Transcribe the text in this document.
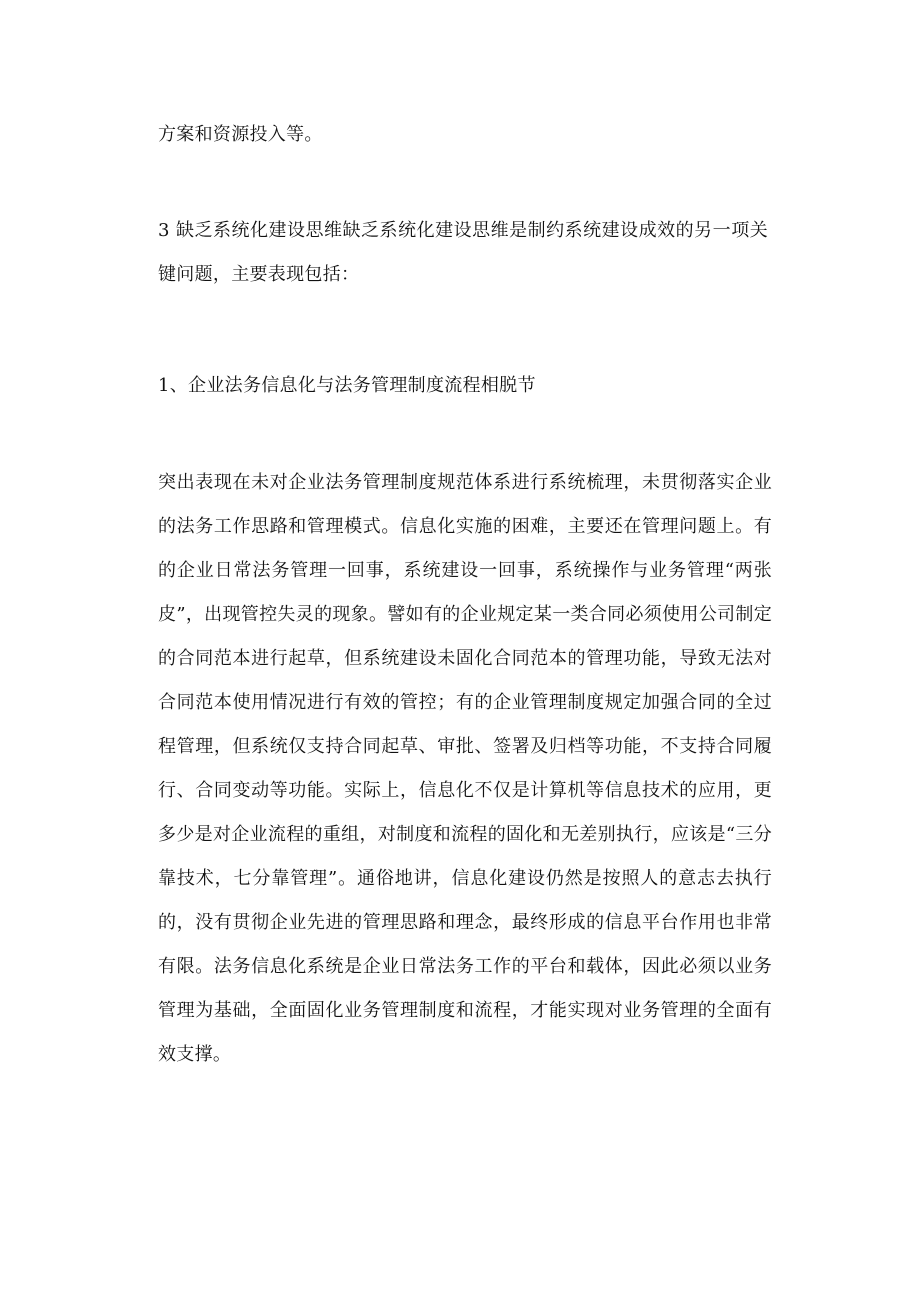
方案和资源投入等。

3 缺乏系统化建设思维缺乏系统化建设思维是制约系统建设成效的另一项关键问题，主要表现包括：

1、企业法务信息化与法务管理制度流程相脱节

突出表现在未对企业法务管理制度规范体系进行系统梳理，未贯彻落实企业的法务工作思路和管理模式。信息化实施的困难，主要还在管理问题上。有的企业日常法务管理一回事，系统建设一回事，系统操作与业务管理“两张皮”，出现管控失灵的现象。譬如有的企业规定某一类合同必须使用公司制定的合同范本进行起草，但系统建设未固化合同范本的管理功能，导致无法对合同范本使用情况进行有效的管控；有的企业管理制度规定加强合同的全过程管理，但系统仅支持合同起草、审批、签署及归档等功能，不支持合同履行、合同变动等功能。实际上，信息化不仅是计算机等信息技术的应用，更多少是对企业流程的重组，对制度和流程的固化和无差别执行，应该是“三分靠技术，七分靠管理”。通俗地讲，信息化建设仍然是按照人的意志去执行的，没有贯彻企业先进的管理思路和理念，最终形成的信息平台作用也非常有限。法务信息化系统是企业日常法务工作的平台和载体，因此必须以业务管理为基础，全面固化业务管理制度和流程，才能实现对业务管理的全面有效支撑。
